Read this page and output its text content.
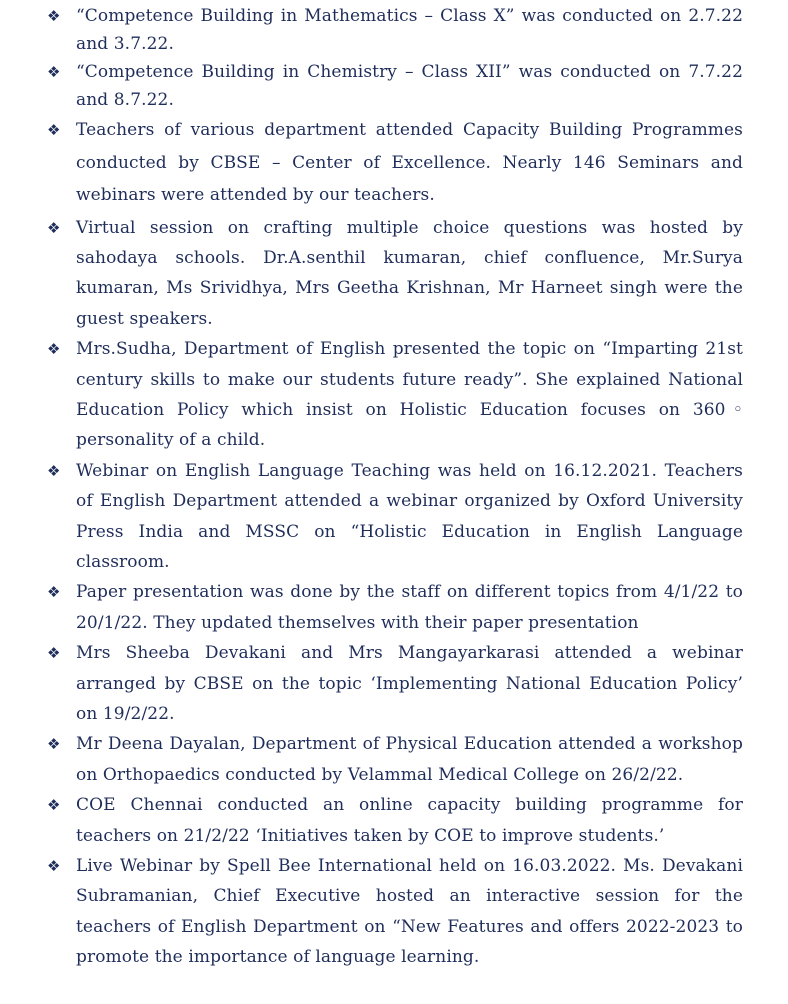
❖ “Competence Building in Mathematics – Class X” was conducted on 2.7.22 and 3.7.22.
❖ “Competence Building in Chemistry – Class XII” was conducted on 7.7.22 and 8.7.22.
❖ Teachers of various department attended Capacity Building Programmes conducted by CBSE – Center of Excellence. Nearly 146 Seminars and webinars were attended by our teachers.
❖ Virtual session on crafting multiple choice questions was hosted by sahodaya schools. Dr.A.senthil kumaran, chief confluence, Mr.Surya kumaran, Ms Srividhya, Mrs Geetha Krishnan, Mr Harneet singh were the guest speakers.
❖ Mrs.Sudha, Department of English presented the topic on “Imparting 21st century skills to make our students future ready”. She explained National Education Policy which insist on Holistic Education focuses on 360◦ personality of a child.
❖ Webinar on English Language Teaching was held on 16.12.2021. Teachers of English Department attended a webinar organized by Oxford University Press India and MSSC on “Holistic Education in English Language classroom.
❖ Paper presentation was done by the staff on different topics from 4/1/22 to 20/1/22. They updated themselves with their paper presentation
❖ Mrs Sheeba Devakani and Mrs Mangayarkarasi attended a webinar arranged by CBSE on the topic ‘Implementing National Education Policy’ on 19/2/22.
❖ Mr Deena Dayalan, Department of Physical Education attended a workshop on Orthopaedics conducted by Velammal Medical College on 26/2/22.
❖ COE Chennai conducted an online capacity building programme for teachers on 21/2/22 ‘Initiatives taken by COE to improve students.’
❖ Live Webinar by Spell Bee International held on 16.03.2022. Ms. Devakani Subramanian, Chief Executive hosted an interactive session for the teachers of English Department on “New Features and offers 2022-2023 to promote the importance of language learning.
